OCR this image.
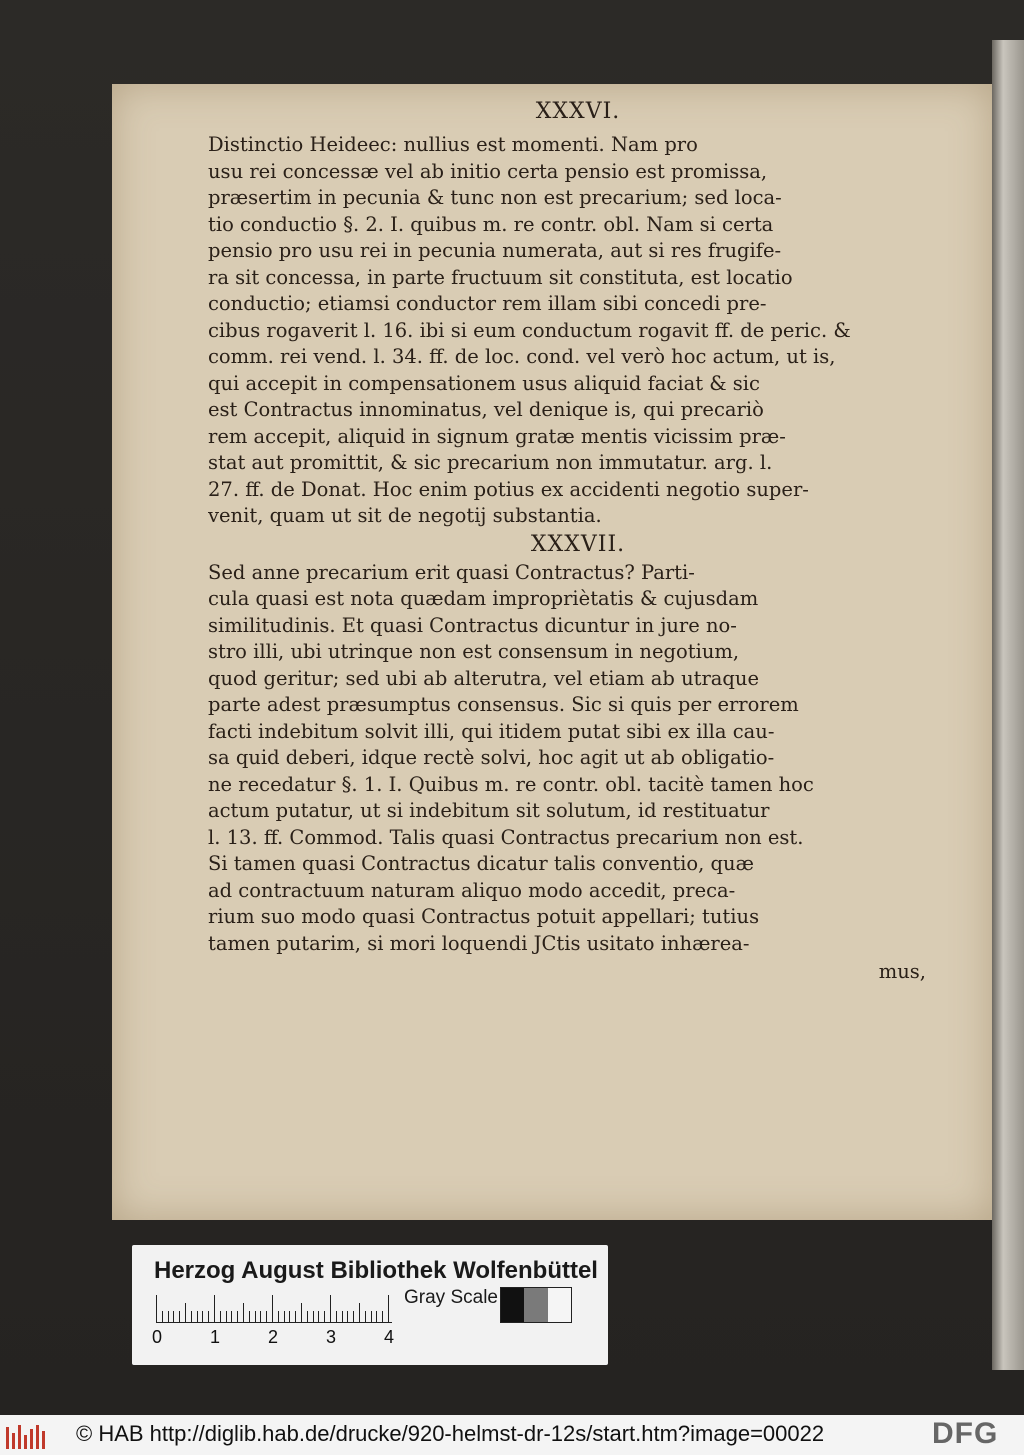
XXXVI.
Distinctio Heideec: nullius est momenti. Nam pro
usu rei concessæ vel ab initio certa pensio est promissa,
præsertim in pecunia & tunc non est precarium; sed loca-
tio conductio §. 2. I. quibus m. re contr. obl. Nam si certa
pensio pro usu rei in pecunia numerata, aut si res frugife-
ra sit concessa, in parte fructuum sit constituta, est locatio
conductio; etiamsi conductor rem illam sibi concedi pre-
cibus rogaverit l. 16. ibi si eum conductum rogavit ff. de peric. &
comm. rei vend. l. 34. ff. de loc. cond. vel verò hoc actum, ut is,
qui accepit in compensationem usus aliquid faciat & sic
est Contractus innominatus, vel denique is, qui precariò
rem accepit, aliquid in signum gratæ mentis vicissim præ-
stat aut promittit, & sic precarium non immutatur. arg. l.
27. ff. de Donat. Hoc enim potius ex accidenti negotio super-
venit, quam ut sit de negotij substantia.
XXXVII.
Sed anne precarium erit quasi Contractus? Parti-
cula quasi est nota quædam impropriètatis & cujusdam
similitudinis. Et quasi Contractus dicuntur in jure no-
stro illi, ubi utrinque non est consensum in negotium,
quod geritur; sed ubi ab alterutra, vel etiam ab utraque
parte adest præsumptus consensus. Sic si quis per errorem
facti indebitum solvit illi, qui itidem putat sibi ex illa cau-
sa quid deberi, idque rectè solvi, hoc agit ut ab obligatio-
ne recedatur §. 1. I. Quibus m. re contr. obl. tacitè tamen hoc
actum putatur, ut si indebitum sit solutum, id restituatur
l. 13. ff. Commod. Talis quasi Contractus precarium non est.
Si tamen quasi Contractus dicatur talis conventio, quæ
ad contractuum naturam aliquo modo accedit, preca-
rium suo modo quasi Contractus potuit appellari; tutius
tamen putarim, si mori loquendi JCtis usitato inhærea-
mus,
Herzog August Bibliothek Wolfenbüttel
0	1	2	3	4
Gray Scale
© HAB http://diglib.hab.de/drucke/920-helmst-dr-12s/start.htm?image=00022	DFG
